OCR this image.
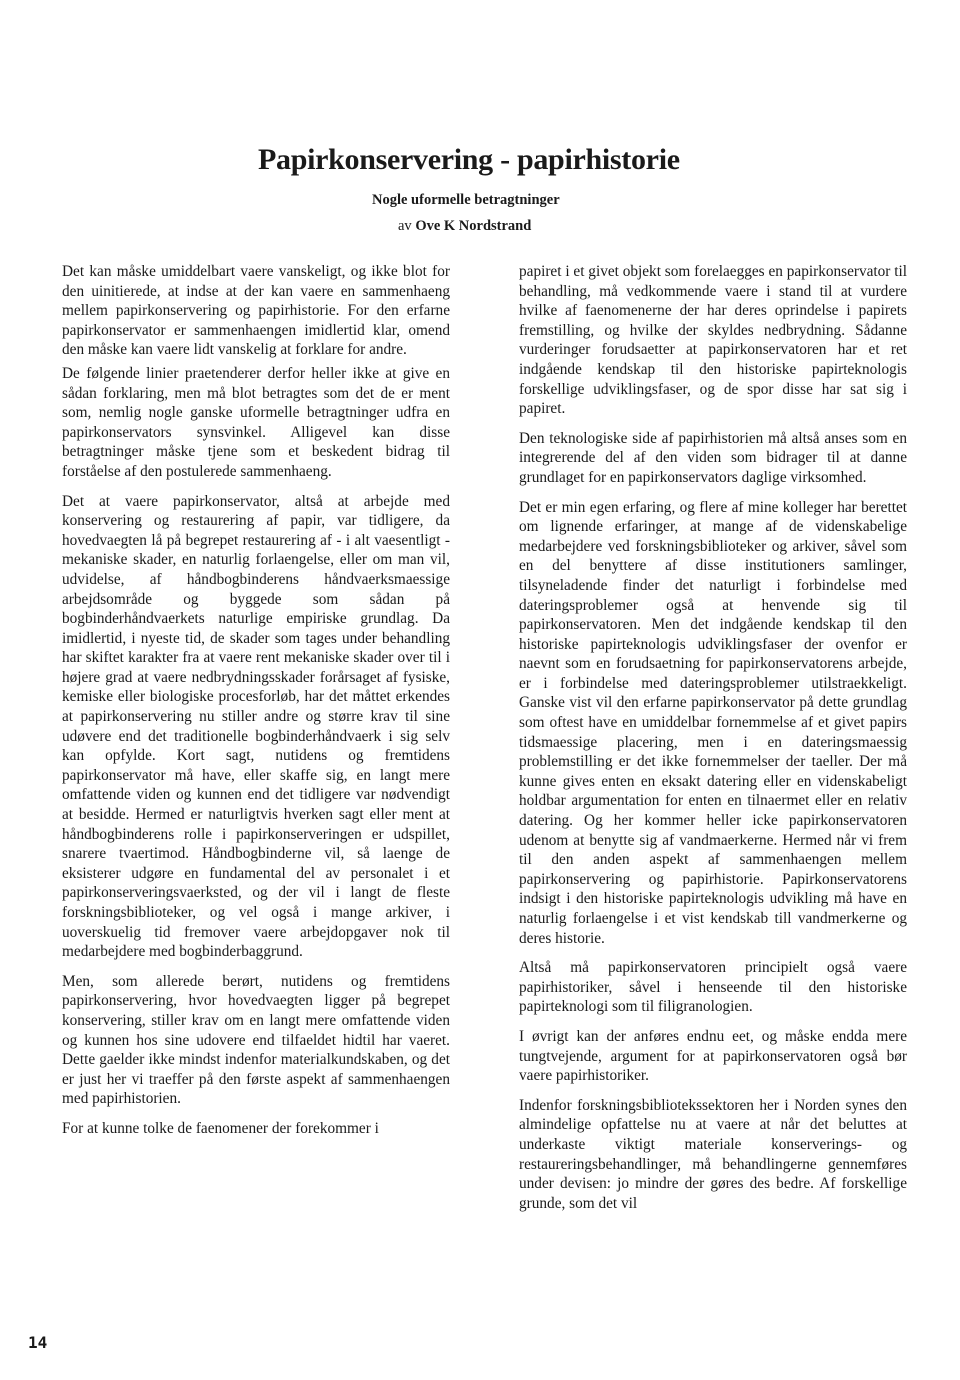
Papirkonservering - papirhistorie
Nogle uformelle betragtninger
av Ove K Nordstrand

Det kan måske umiddelbart vaere vanskeligt, og ikke blot for den uinitierede, at indse at der kan vaere en sammenhaeng mellem papirkonservering og papirhistorie. For den erfarne papirkonservator er sammenhaengen imidlertid klar, omend den måske kan vaere lidt vanskelig at forklare for andre.

De følgende linier praetenderer derfor heller ikke at give en sådan forklaring, men må blot betragtes som det de er ment som, nemlig nogle ganske uformelle betragtninger udfra en papirkonservators synsvinkel. Alligevel kan disse betragtninger måske tjene som et beskedent bidrag til forståelse af den postulerede sammenhaeng.

Det at vaere papirkonservator, altså at arbejde med konservering og restaurering af papir, var tidligere, da hovedvaegten lå på begrepet restaurering af - i alt vaesentligt - mekaniske skader, en naturlig forlaengelse, eller om man vil, udvidelse, af håndbogbinderens håndvaerksmaessige arbejdsområde og byggede som sådan på bogbinderhåndvaerkets naturlige empiriske grundlag. Da imidlertid, i nyeste tid, de skader som tages under behandling har skiftet karakter fra at vaere rent mekaniske skader over til i højere grad at vaere nedbrydningsskader forårsaget af fysiske, kemiske eller biologiske procesforløb, har det måttet erkendes at papirkonservering nu stiller andre og større krav til sine udøvere end det traditionelle bogbinderhåndvaerk i sig selv kan opfylde. Kort sagt, nutidens og fremtidens papirkonservator må have, eller skaffe sig, en langt mere omfattende viden og kunnen end det tidligere var nødvendigt at besidde. Hermed er naturligtvis hverken sagt eller ment at håndbogbinderens rolle i papirkonserveringen er udspillet, snarere tvaertimod. Håndbogbinderne vil, så laenge de eksisterer udgøre en fundamental del av personalet i et papirkonserveringsvaerksted, og der vil i langt de fleste forskningsbiblioteker, og vel også i mange arkiver, i uoverskuelig tid fremover vaere arbejdopgaver nok til medarbejdere med bogbinderbaggrund.

Men, som allerede berørt, nutidens og fremtidens papirkonservering, hvor hovedvaegten ligger på begrepet konservering, stiller krav om en langt mere omfattende viden og kunnen hos sine udovere end tilfaeldet hidtil har vaeret. Dette gaelder ikke mindst indenfor materialkundskaben, og det er just her vi traeffer på den første aspekt af sammenhaengen med papirhistorien.

For at kunne tolke de faenomener der forekommer i

papiret i et givet objekt som forelaegges en papirkonservator til behandling, må vedkommende vaere i stand til at vurdere hvilke af faenomenerne der har deres oprindelse i papirets fremstilling, og hvilke der skyldes nedbrydning. Sådanne vurderinger forudsaetter at papirkonservatoren har et ret indgående kendskap til den historiske papirteknologis forskellige udviklingsfaser, og de spor disse har sat sig i papiret.

Den teknologiske side af papirhistorien må altså anses som en integrerende del af den viden som bidrager til at danne grundlaget for en papirkonservators daglige virksomhed.

Det er min egen erfaring, og flere af mine kolleger har berettet om lignende erfaringer, at mange af de videnskabelige medarbejdere ved forskningsbiblioteker og arkiver, såvel som en del benyttere af disse institutioners samlinger, tilsyneladende finder det naturligt i forbindelse med dateringsproblemer også at henvende sig til papirkonservatoren. Men det indgående kendskap til den historiske papirteknologis udviklingsfaser der ovenfor er naevnt som en forudsaetning for papirkonservatorens arbejde, er i forbindelse med dateringsproblemer utilstraekkeligt. Ganske vist vil den erfarne papirkonservator på dette grundlag som oftest have en umiddelbar fornemmelse af et givet papirs tidsmaessige placering, men i en dateringsmaessig problemstilling er det ikke fornemmelser der taeller. Der må kunne gives enten en eksakt datering eller en videnskabeligt holdbar argumentation for enten en tilnaermet eller en relativ datering. Og her kommer heller icke papirkonservatoren udenom at benytte sig af vandmaerkerne. Hermed når vi frem til den anden aspekt af sammenhaengen mellem papirkonservering og papirhistorie. Papirkonservatorens indsigt i den historiske papirteknologis udvikling må have en naturlig forlaengelse i et vist kendskab till vandmerkerne og deres historie.

Altså må papirkonservatoren principielt også vaere papirhistoriker, såvel i henseende til den historiske papirteknologi som til filigranologien.

I øvrigt kan der anføres endnu eet, og måske endda mere tungtvejende, argument for at papirkonservatoren også bør vaere papirhistoriker.

Indenfor forskningsbibliotekssektoren her i Norden synes den almindelige opfattelse nu at vaere at når det beluttes at underkaste viktigt materiale konserverings- og restaureringsbehandlinger, må behandlingerne gennemføres under devisen: jo mindre der gøres des bedre. Af forskellige grunde, som det vil

14
